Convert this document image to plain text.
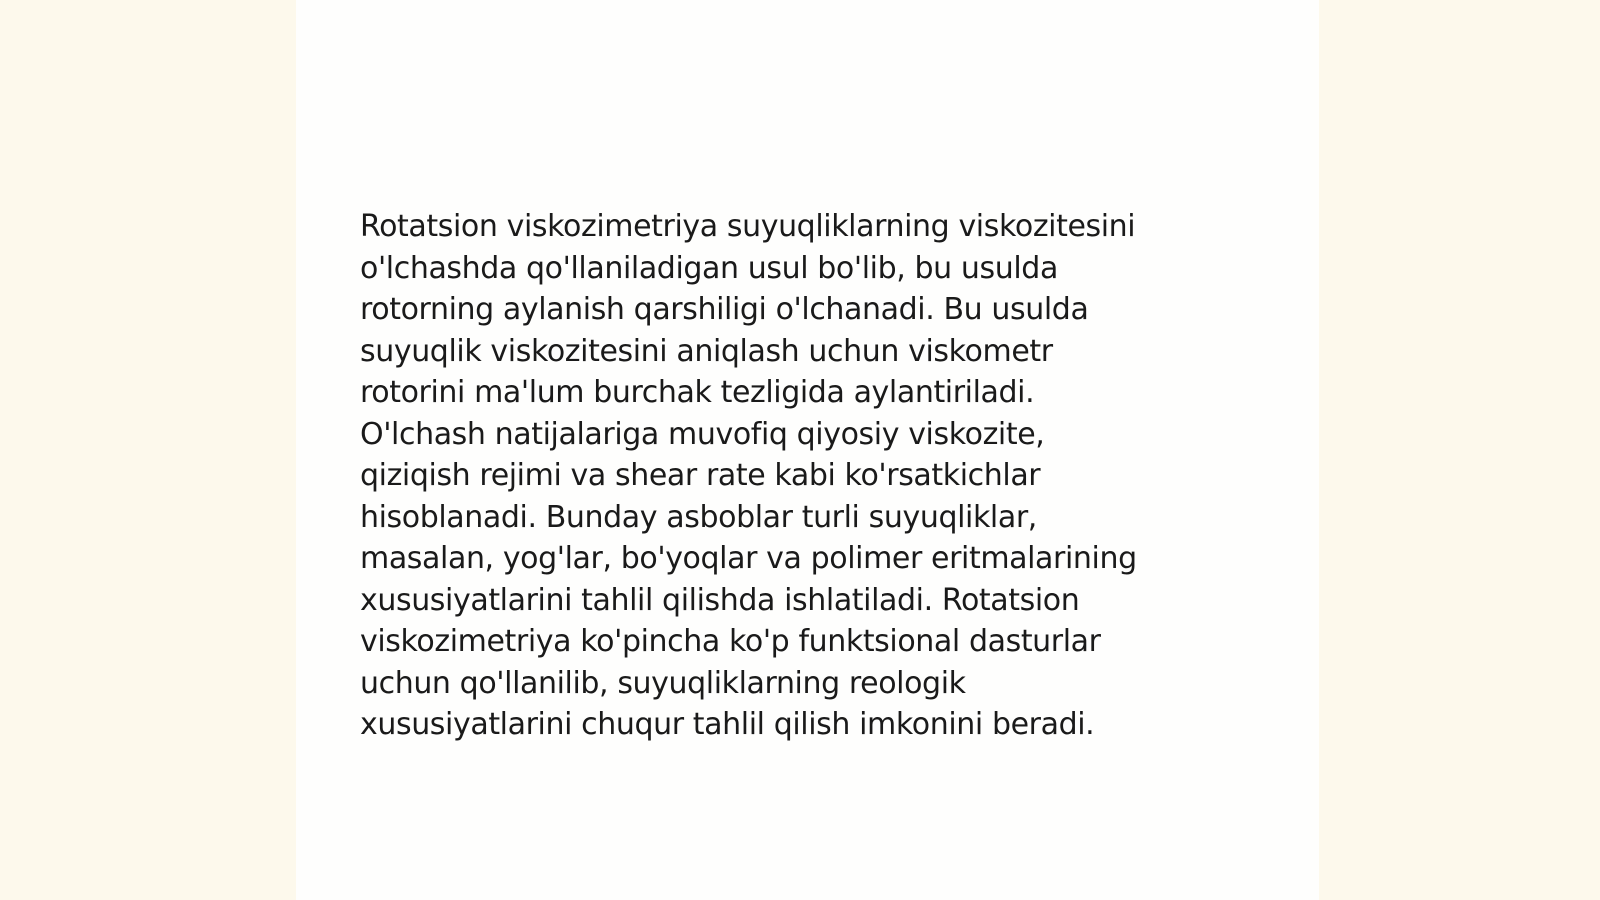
Rotatsion viskozimetriya suyuqliklarning viskozitesini
o'lchashda qo'llaniladigan usul bo'lib, bu usulda
rotorning aylanish qarshiligi o'lchanadi. Bu usulda
suyuqlik viskozitesini aniqlash uchun viskometr
rotorini ma'lum burchak tezligida aylantiriladi.
O'lchash natijalariga muvofiq qiyosiy viskozite,
qiziqish rejimi va shear rate kabi ko'rsatkichlar
hisoblanadi. Bunday asboblar turli suyuqliklar,
masalan, yog'lar, bo'yoqlar va polimer eritmalarining
xususiyatlarini tahlil qilishda ishlatiladi. Rotatsion
viskozimetriya ko'pincha ko'p funktsional dasturlar
uchun qo'llanilib, suyuqliklarning reologik
xususiyatlarini chuqur tahlil qilish imkonini beradi.
